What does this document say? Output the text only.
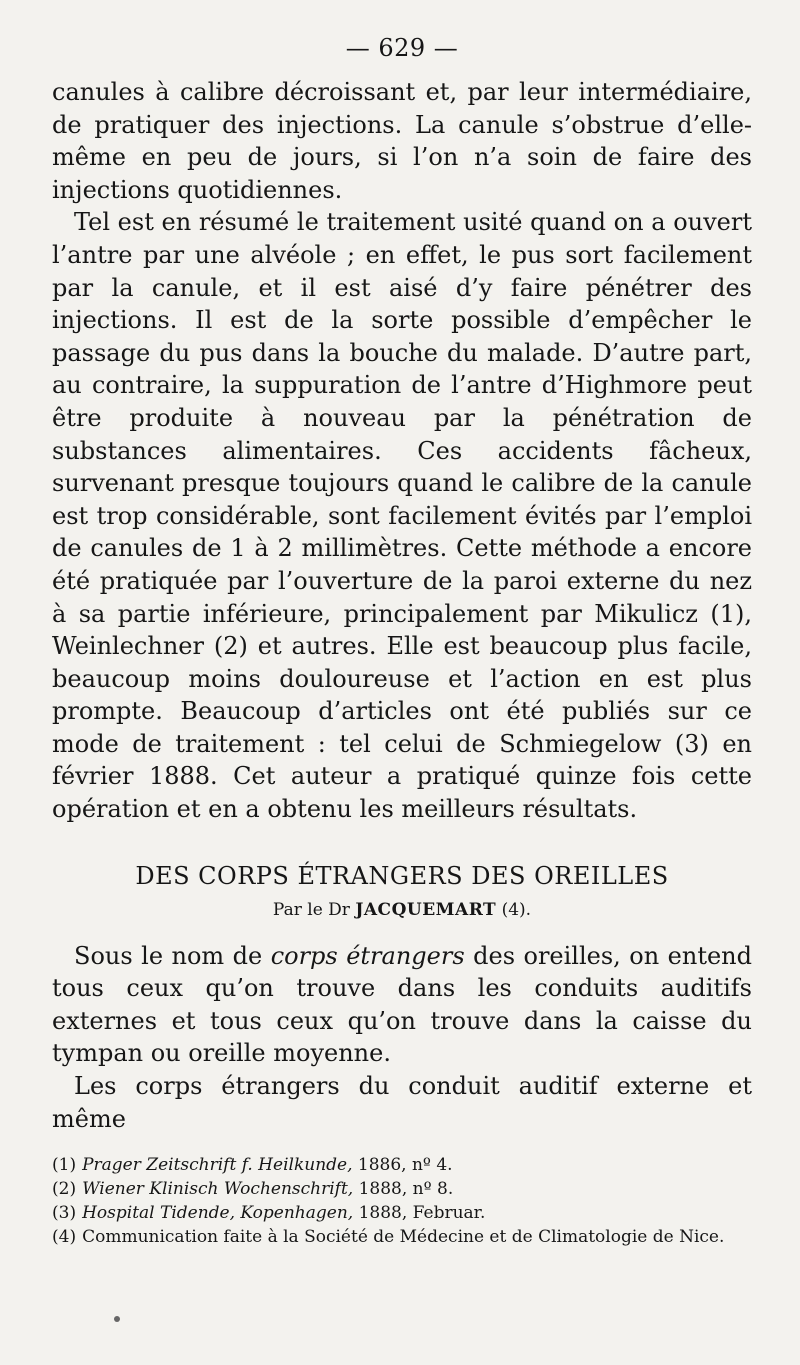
— 629 —

canules à calibre décroissant et, par leur intermédiaire, de pratiquer des injections. La canule s’obstrue d’elle-même en peu de jours, si l’on n’a soin de faire des injections quotidiennes.

Tel est en résumé le traitement usité quand on a ouvert l’antre par une alvéole ; en effet, le pus sort facilement par la canule, et il est aisé d’y faire pénétrer des injections. Il est de la sorte possible d’empêcher le passage du pus dans la bouche du malade. D’autre part, au contraire, la suppuration de l’antre d’Highmore peut être produite à nouveau par la pénétration de substances alimentaires. Ces accidents fâcheux, survenant presque toujours quand le calibre de la canule est trop considérable, sont facilement évités par l’emploi de canules de 1 à 2 millimètres. Cette méthode a encore été pratiquée par l’ouverture de la paroi externe du nez à sa partie inférieure, principalement par Mikulicz (1), Weinlechner (2) et autres. Elle est beaucoup plus facile, beaucoup moins douloureuse et l’action en est plus prompte. Beaucoup d’articles ont été publiés sur ce mode de traitement : tel celui de Schmiegelow (3) en février 1888. Cet auteur a pratiqué quinze fois cette opération et en a obtenu les meilleurs résultats.

DES CORPS ÉTRANGERS DES OREILLES
Par le Dr JACQUEMART (4).

Sous le nom de corps étrangers des oreilles, on entend tous ceux qu’on trouve dans les conduits auditifs externes et tous ceux qu’on trouve dans la caisse du tympan ou oreille moyenne.

Les corps étrangers du conduit auditif externe et même

(1) Prager Zeitschrift f. Heilkunde, 1886, nº 4.

(2) Wiener Klinisch Wochenschrift, 1888, nº 8.

(3) Hospital Tidende, Kopenhagen, 1888, Februar.

(4) Communication faite à la Société de Médecine et de Climatologie de Nice.
